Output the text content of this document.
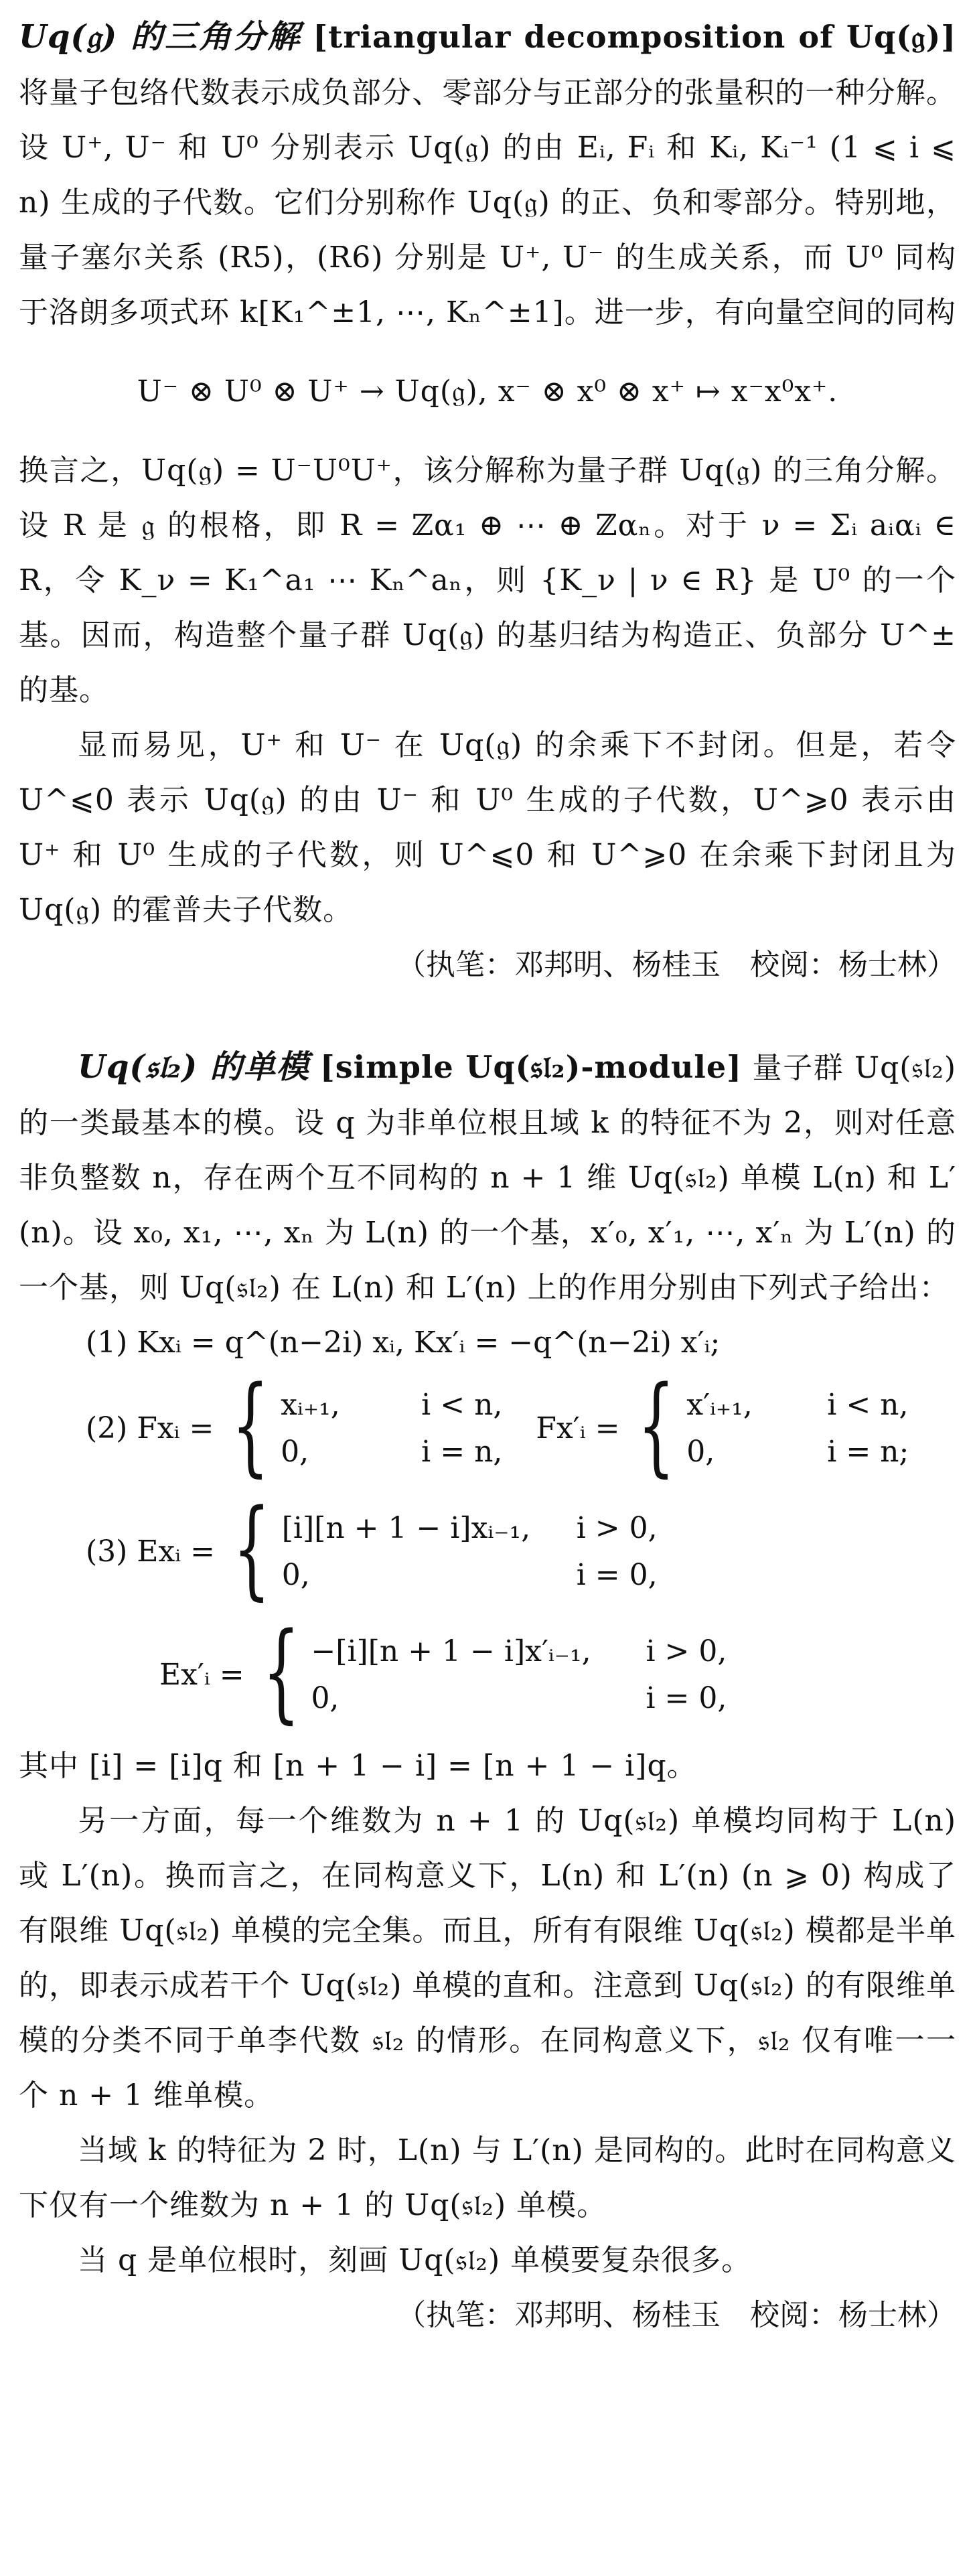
Uq(𝔤) 的三角分解 [triangular decomposition of Uq(𝔤)] 将量子包络代数表示成负部分、零部分与正部分的张量积的一种分解。设 U⁺, U⁻ 和 U⁰ 分别表示 Uq(𝔤) 的由 Eᵢ, Fᵢ 和 Kᵢ, Kᵢ⁻¹ (1 ⩽ i ⩽ n) 生成的子代数。它们分别称作 Uq(𝔤) 的正、负和零部分。特别地，量子塞尔关系 (R5)，(R6) 分别是 U⁺, U⁻ 的生成关系，而 U⁰ 同构于洛朗多项式环 k[K₁^±1, ⋯, Kₙ^±1]。进一步，有向量空间的同构

U⁻ ⊗ U⁰ ⊗ U⁺ → Uq(𝔤), x⁻ ⊗ x⁰ ⊗ x⁺ ↦ x⁻x⁰x⁺.

换言之，Uq(𝔤) = U⁻U⁰U⁺，该分解称为量子群 Uq(𝔤) 的三角分解。设 R 是 𝔤 的根格，即 R = ℤα₁ ⊕ ⋯ ⊕ ℤαₙ。对于 ν = Σᵢ aᵢαᵢ ∈ R，令 K_ν = K₁^a₁ ⋯ Kₙ^aₙ，则 {K_ν | ν ∈ R} 是 U⁰ 的一个基。因而，构造整个量子群 Uq(𝔤) 的基归结为构造正、负部分 U^± 的基。

显而易见，U⁺ 和 U⁻ 在 Uq(𝔤) 的余乘下不封闭。但是，若令 U^⩽0 表示 Uq(𝔤) 的由 U⁻ 和 U⁰ 生成的子代数，U^⩾0 表示由 U⁺ 和 U⁰ 生成的子代数，则 U^⩽0 和 U^⩾0 在余乘下封闭且为 Uq(𝔤) 的霍普夫子代数。

（执笔：邓邦明、杨桂玉　校阅：杨士林）

Uq(𝔰𝔩₂) 的单模 [simple Uq(𝔰𝔩₂)-module] 量子群 Uq(𝔰𝔩₂) 的一类最基本的模。设 q 为非单位根且域 k 的特征不为 2，则对任意非负整数 n，存在两个互不同构的 n + 1 维 Uq(𝔰𝔩₂) 单模 L(n) 和 L′(n)。设 x₀, x₁, ⋯, xₙ 为 L(n) 的一个基，x′₀, x′₁, ⋯, x′ₙ 为 L′(n) 的一个基，则 Uq(𝔰𝔩₂) 在 L(n) 和 L′(n) 上的作用分别由下列式子给出：

(1) Kxᵢ = q^(n−2i) xᵢ, Kx′ᵢ = −q^(n−2i) x′ᵢ;
(2) Fxᵢ = { xᵢ₊₁,	i < n,
0,	i = n,
Fx′ᵢ = { x′ᵢ₊₁,	i < n,
0,	i = n;
(3) Exᵢ = { [i][n + 1 − i]xᵢ₋₁, i > 0,
0,	i = 0,
Ex′ᵢ = { −[i][n + 1 − i]x′ᵢ₋₁,	i > 0,
0,	i = 0,

其中 [i] = [i]q 和 [n + 1 − i] = [n + 1 − i]q。

另一方面，每一个维数为 n + 1 的 Uq(𝔰𝔩₂) 单模均同构于 L(n) 或 L′(n)。换而言之，在同构意义下，L(n) 和 L′(n) (n ⩾ 0) 构成了有限维 Uq(𝔰𝔩₂) 单模的完全集。而且，所有有限维 Uq(𝔰𝔩₂) 模都是半单的，即表示成若干个 Uq(𝔰𝔩₂) 单模的直和。注意到 Uq(𝔰𝔩₂) 的有限维单模的分类不同于单李代数 𝔰𝔩₂ 的情形。在同构意义下，𝔰𝔩₂ 仅有唯一一个 n + 1 维单模。

当域 k 的特征为 2 时，L(n) 与 L′(n) 是同构的。此时在同构意义下仅有一个维数为 n + 1 的 Uq(𝔰𝔩₂) 单模。

当 q 是单位根时，刻画 Uq(𝔰𝔩₂) 单模要复杂很多。

（执笔：邓邦明、杨桂玉　校阅：杨士林）
